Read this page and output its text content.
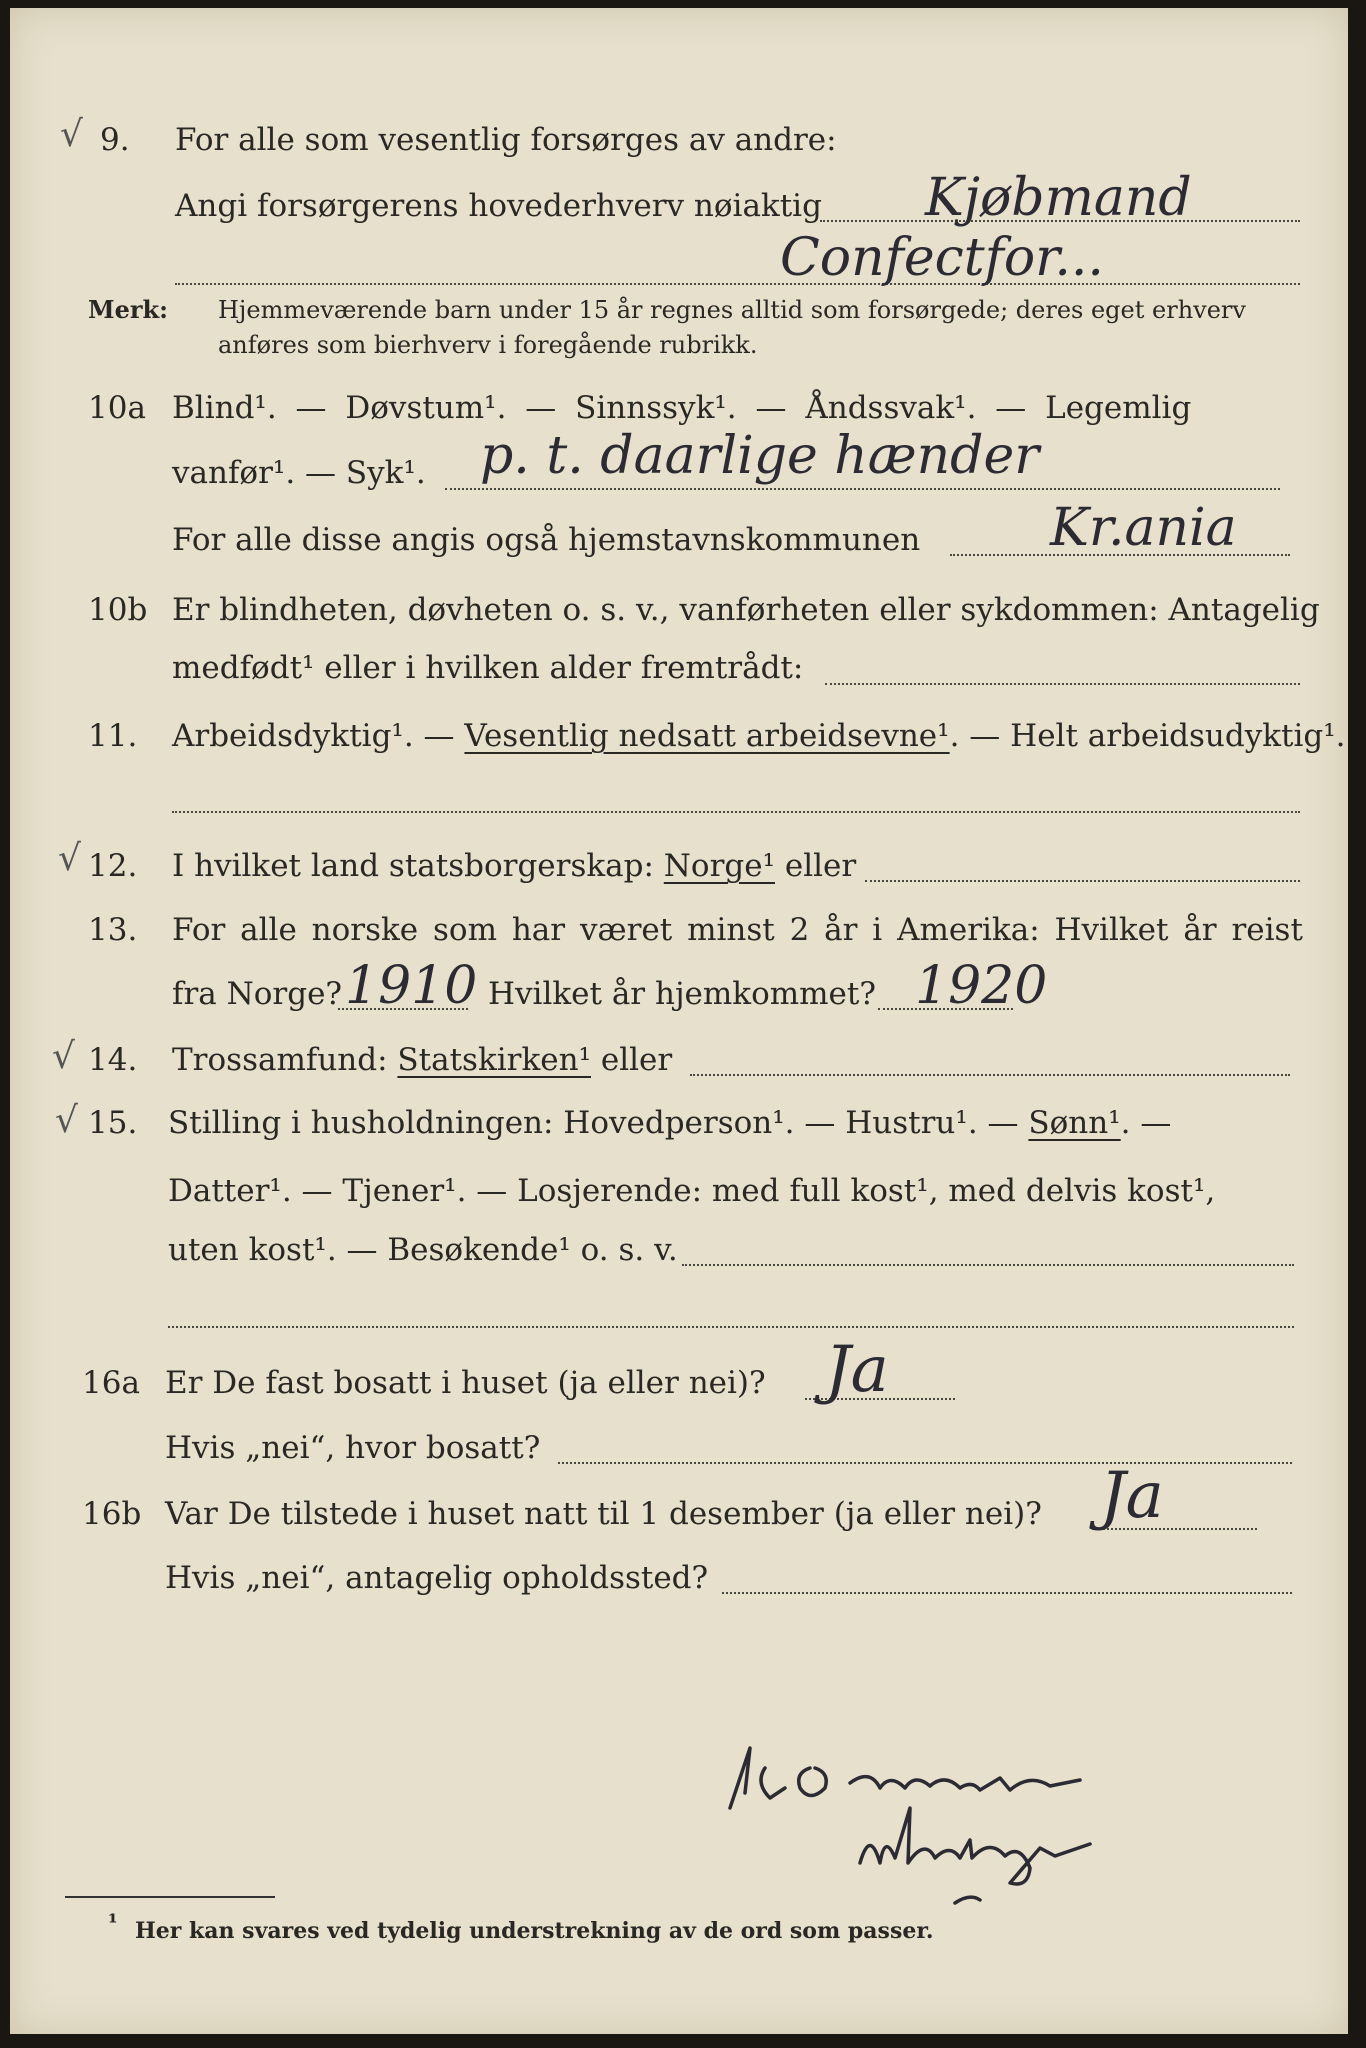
√ 9.	For alle som vesentlig forsørges av andre:
Angi forsørgerens hovederhverv nøiaktig Kjøbmand
Confectfor...
Merk: Hjemmeværende barn under 15 år regnes alltid som forsørgede; deres eget erhverv
anføres som bierhverv i foregående rubrikk.
10a Blind¹. — Døvstum¹. — Sinnssyk¹. — Åndssvak¹. — Legemlig
vanfør¹. — Syk¹. p. t. daarlige hænder
For alle disse angis også hjemstavnskommunen Kr.ania
10b Er blindheten, døvheten o. s. v., vanførheten eller sykdommen: Antagelig
medfødt¹ eller i hvilken alder fremtrådt:
11.	Arbeidsdyktig¹. — Vesentlig nedsatt arbeidsevne¹. — Helt arbeidsudyktig¹.
√ 12.	I hvilket land statsborgerskap: Norge¹ eller
13.	For alle norske som har været minst 2 år i Amerika: Hvilket år reist
fra Norge?	Hvilket år hjemkommet?
1910	1920
√ 14.	Trossamfund: Statskirken¹ eller
√ 15. Stilling i husholdningen: Hovedperson¹. — Hustru¹. — Sønn¹. —
Datter¹. — Tjener¹. — Losjerende: med full kost¹, med delvis kost¹,
uten kost¹. — Besøkende¹ o. s. v.
16a Er De fast bosatt i huset (ja eller nei)? Ja
Hvis „nei“, hvor bosatt?
16b Var De tilstede i huset natt til 1 desember (ja eller nei)? Ja
Hvis „nei“, antagelig opholdssted?
¹ Her kan svares ved tydelig understrekning av de ord som passer.
